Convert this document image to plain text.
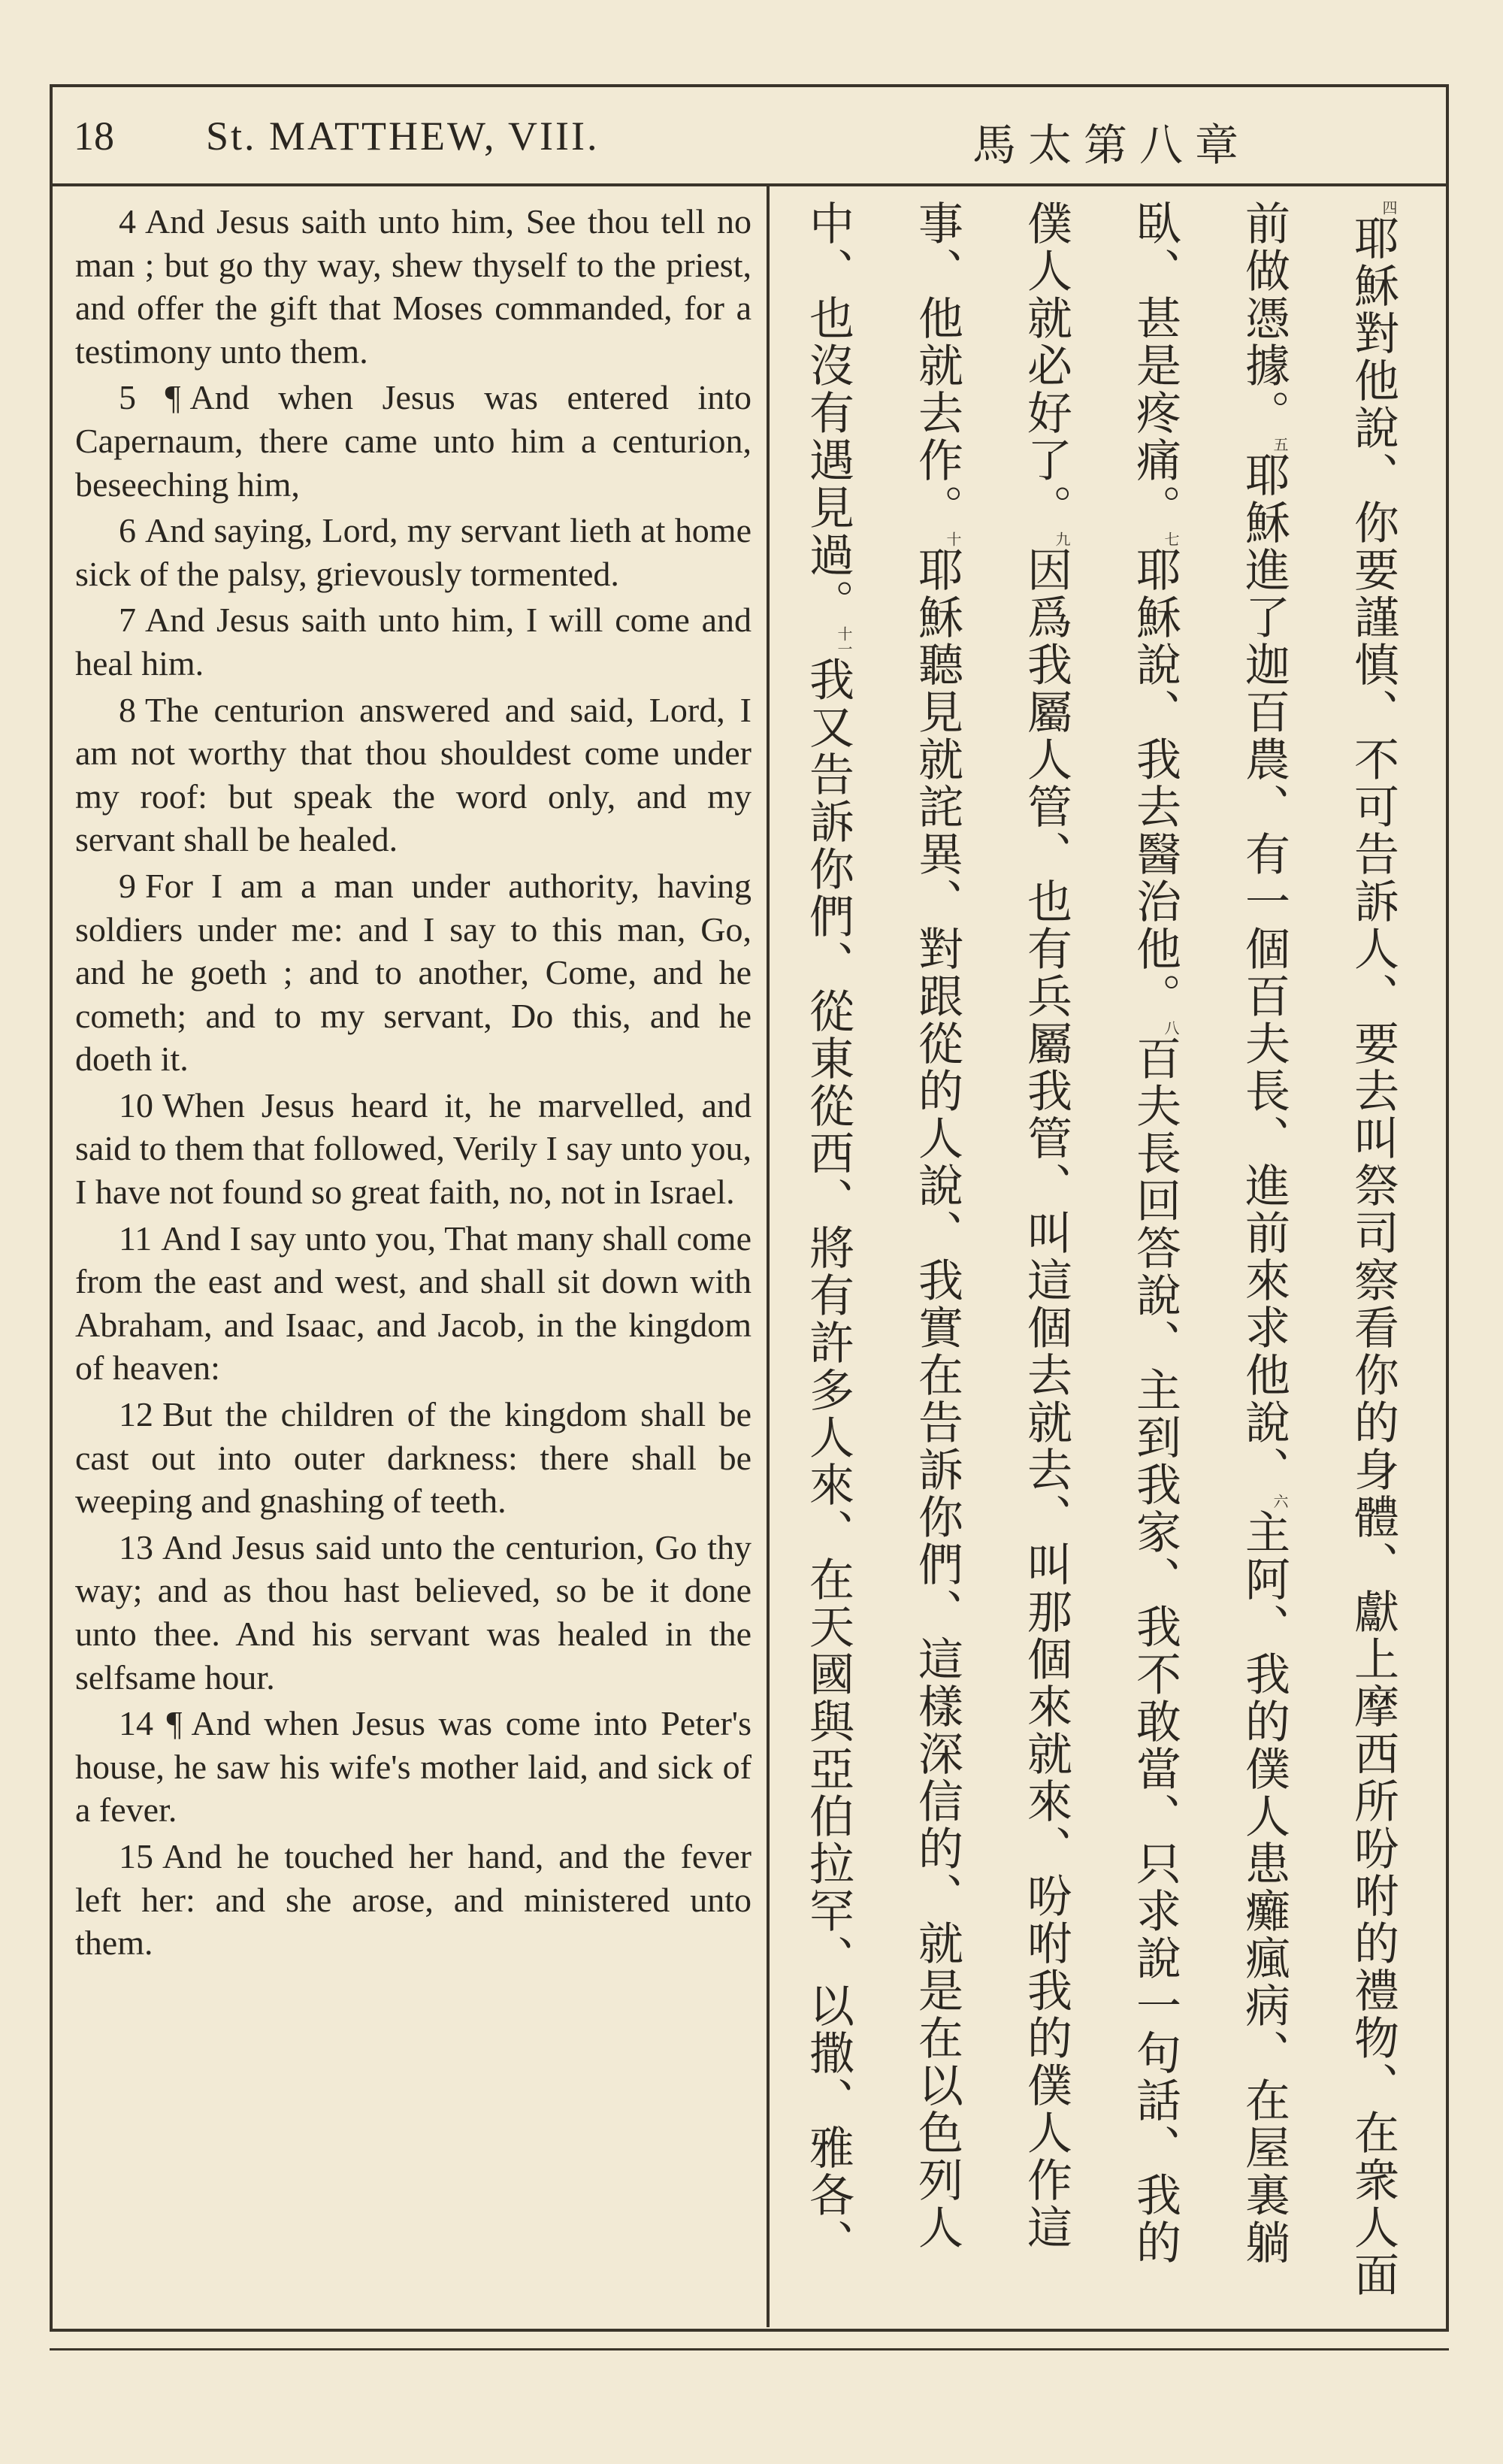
18 St. MATTHEW, VIII.	馬太第八章

4 And Jesus saith unto him, See thou tell no man ; but go thy way, shew thyself to the priest, and offer the gift that Moses commanded, for a testimony unto them.

5 ¶ And when Jesus was entered into Capernaum, there came unto him a centurion, beseeching him,

6 And saying, Lord, my servant lieth at home sick of the palsy, grievously tormented.

7 And Jesus saith unto him, I will come and heal him.

8 The centurion answered and said, Lord, I am not worthy that thou shouldest come under my roof: but speak the word only, and my servant shall be healed.

9 For I am a man under authority, having soldiers under me: and I say to this man, Go, and he goeth ; and to another, Come, and he cometh; and to my servant, Do this, and he doeth it.

10 When Jesus heard it, he marvelled, and said to them that followed, Verily I say unto you, I have not found so great faith, no, not in Israel.

11 And I say unto you, That many shall come from the east and west, and shall sit down with Abraham, and Isaac, and Jacob, in the kingdom of heaven:

12 But the children of the kingdom shall be cast out into outer darkness: there shall be weeping and gnashing of teeth.

13 And Jesus said unto the centurion, Go thy way; and as thou hast believed, so be it done unto thee. And his servant was healed in the selfsame hour.

14 ¶ And when Jesus was come into Peter's house, he saw his wife's mother laid, and sick of a fever.

15 And he touched her hand, and the fever left her: and she arose, and ministered unto them.

$^四$耶穌對他說、你要謹慎、不可告訴人、要去叫祭司察看你的身體、獻上摩西所吩咐的禮物、在衆人面前做憑據。$^五$耶穌進了迦百農、有一個百夫長、進前來求他說、$^六$主阿、我的僕人患癱瘋病、在屋裏躺臥、甚是疼痛。$^七$耶穌說、我去醫治他。$^八$百夫長回答說、主到我家、我不敢當、只求說一句話、我的僕人就必好了。$^九$因爲我屬人管、也有兵屬我管、叫這個去就去、叫那個來就來、吩咐我的僕人作這事、他就去作。$^十$耶穌聽見就詫異、對跟從的人說、我實在告訴你們、這樣深信的、就是在以色列人中、也沒有遇見過。$^{十一}$我又告訴你們、從東從西、將有許多人來、在天國與亞伯拉罕、以撒、雅各、
